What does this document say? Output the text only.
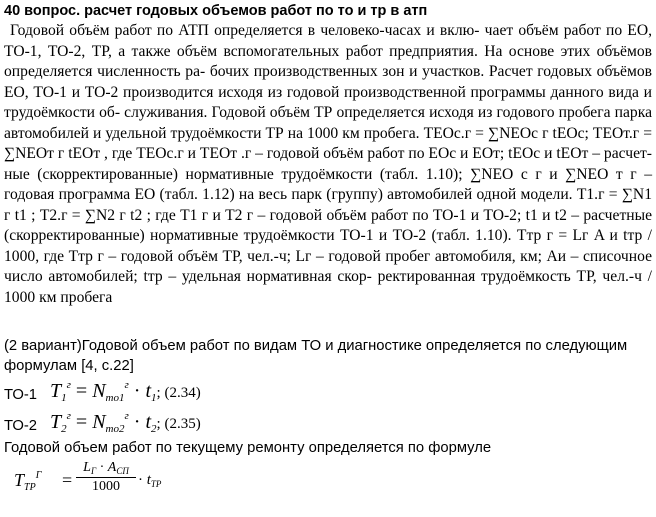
40 вопрос. расчет годовых объемов работ по то и тр в атп

Годовой объём работ по АТП определяется в человеко-часах и вклю- чает объём работ по ЕО, ТО-1, ТО-2, ТР, а также объём вспомогательных работ предприятия. На основе этих объёмов определяется численность ра- бочих производственных зон и участков. Расчет годовых объёмов ЕО, ТО-1 и ТО-2 производится исходя из годовой производственной программы данного вида и трудоёмкости об- служивания. Годовой объём ТР определяется исходя из годового пробега парка автомобилей и удельной трудоёмкости ТР на 1000 км пробега. TEOс.г = ∑NEOс г tEOс; ТЕОт.г = ∑NEOт г tEOт , где TEOс.г и ТЕОт .г – годовой объём работ по ЕОс и ЕОт; tEOс и tEOт – расчет- ные (скорректированные) нормативные трудоёмкости (табл. 1.10); ∑NEO с г и ∑NEO т г – годовая программа ЕО (табл. 1.12) на весь парк (группу) автомобилей одной модели. Т1.г = ∑N1 г t1 ; Т2.г = ∑N2 г t2 ; где Т1 г и Т2 г – годовой объём работ по ТО-1 и ТО-2; t1 и t2 – расчетные (скорректированные) нормативные трудоёмкости ТО-1 и ТО-2 (табл. 1.10). Tтр г = Lг A и tтр / 1000, где Tтр г – годовой объём ТР, чел.-ч; Lг – годовой пробег автомобиля, км; Аи – списочное число автомобилей; tтр – удельная нормативная скор- ректированная трудоёмкость ТР, чел.-ч / 1000 км пробега

(2 вариант)Годовой объем работ по видам ТО и диагностике определяется по следующим формулам [4, с.22]

ТО-1 $T_1^г = N_{то1}^г \cdot t_1$; (2.34)
ТО-2 $T_2^г = N_{то2}^г \cdot t_2$; (2.35)

Годовой объем работ по текущему ремонту определяется по формуле

$T_{ТР}^Г$ =
$L_Г \cdot A_{СП}$
1000	· $t_{ТР}$
